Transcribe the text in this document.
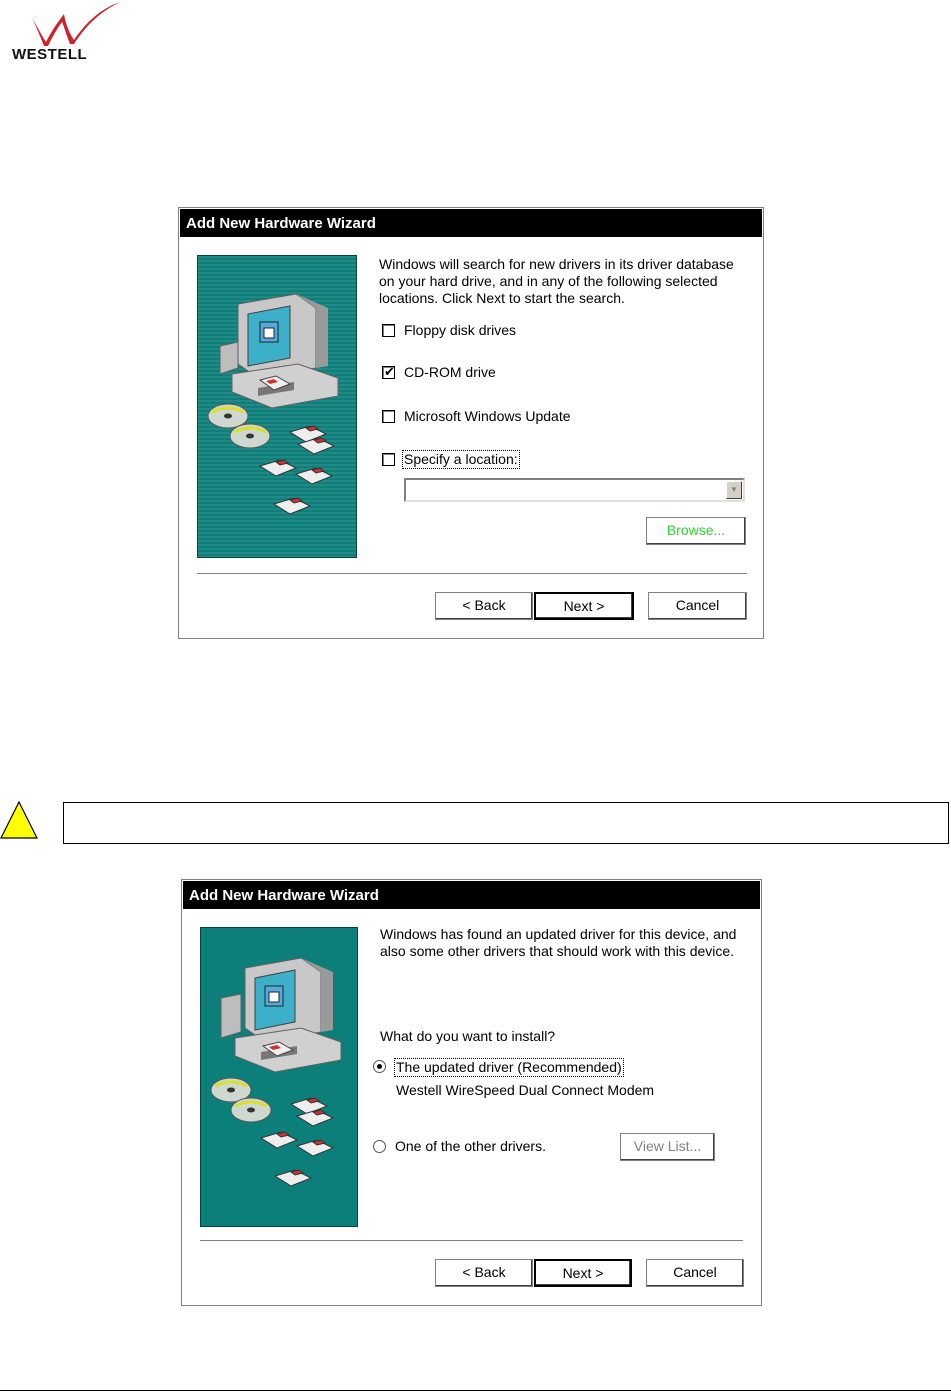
WESTELL
Add New Hardware Wizard
Windows will search for new drivers in its driver database
on your hard drive, and in any of the following selected
locations. Click Next to start the search.
Floppy disk drives
✔ CD-ROM drive
Microsoft Windows Update
Specify a location:
▼
Browse...
< Back	Next >	Cancel
Add New Hardware Wizard
Windows has found an updated driver for this device, and
also some other drivers that should work with this device.
What do you want to install?
The updated driver (Recommended)
Westell WireSpeed Dual Connect Modem
One of the other drivers.	View List...
< Back	Next >	Cancel
